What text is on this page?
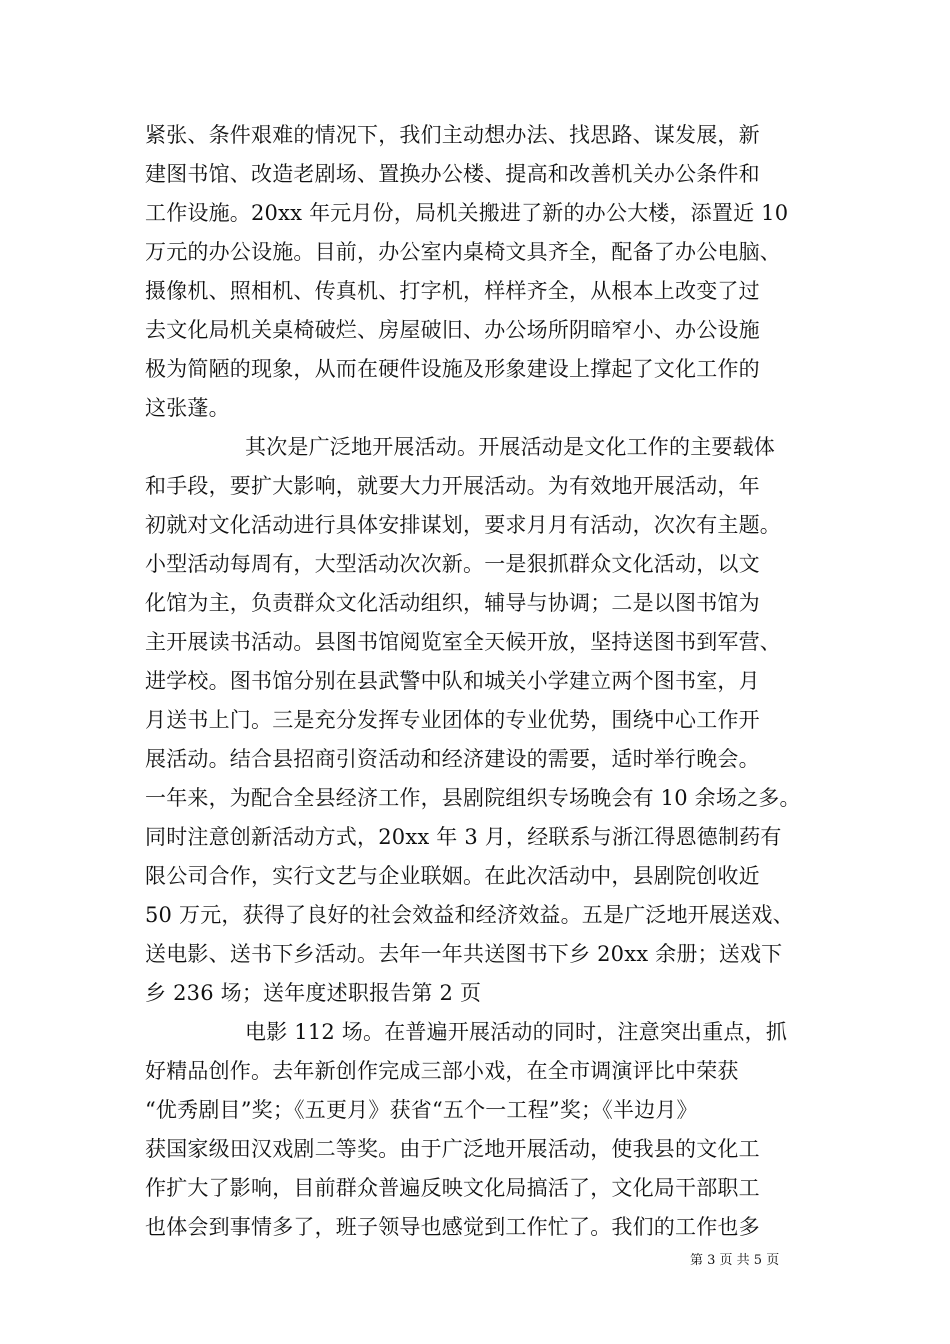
紧张、条件艰难的情况下，我们主动想办法、找思路、谋发展，新
建图书馆、改造老剧场、置换办公楼、提高和改善机关办公条件和
工作设施。20xx 年元月份，局机关搬进了新的办公大楼，添置近 10
万元的办公设施。目前，办公室内桌椅文具齐全，配备了办公电脑、
摄像机、照相机、传真机、打字机，样样齐全，从根本上改变了过
去文化局机关桌椅破烂、房屋破旧、办公场所阴暗窄小、办公设施
极为简陋的现象，从而在硬件设施及形象建设上撑起了文化工作的
这张蓬。
其次是广泛地开展活动。开展活动是文化工作的主要载体
和手段，要扩大影响，就要大力开展活动。为有效地开展活动，年
初就对文化活动进行具体安排谋划，要求月月有活动，次次有主题。
小型活动每周有，大型活动次次新。一是狠抓群众文化活动，以文
化馆为主，负责群众文化活动组织，辅导与协调；二是以图书馆为
主开展读书活动。县图书馆阅览室全天候开放，坚持送图书到军营、
进学校。图书馆分别在县武警中队和城关小学建立两个图书室，月
月送书上门。三是充分发挥专业团体的专业优势，围绕中心工作开
展活动。结合县招商引资活动和经济建设的需要，适时举行晚会。
一年来，为配合全县经济工作，县剧院组织专场晚会有 10 余场之多。
同时注意创新活动方式，20xx 年 3 月，经联系与浙江得恩德制药有
限公司合作，实行文艺与企业联姻。在此次活动中，县剧院创收近
50 万元，获得了良好的社会效益和经济效益。五是广泛地开展送戏、
送电影、送书下乡活动。去年一年共送图书下乡 20xx 余册；送戏下
乡 236 场；送年度述职报告第 2 页
电影 112 场。在普遍开展活动的同时，注意突出重点，抓
好精品创作。去年新创作完成三部小戏，在全市调演评比中荣获
“优秀剧目”奖；《五更月》获省“五个一工程”奖；《半边月》
获国家级田汉戏剧二等奖。由于广泛地开展活动，使我县的文化工
作扩大了影响，目前群众普遍反映文化局搞活了，文化局干部职工
也体会到事情多了，班子领导也感觉到工作忙了。我们的工作也多
第 3 页 共 5 页
